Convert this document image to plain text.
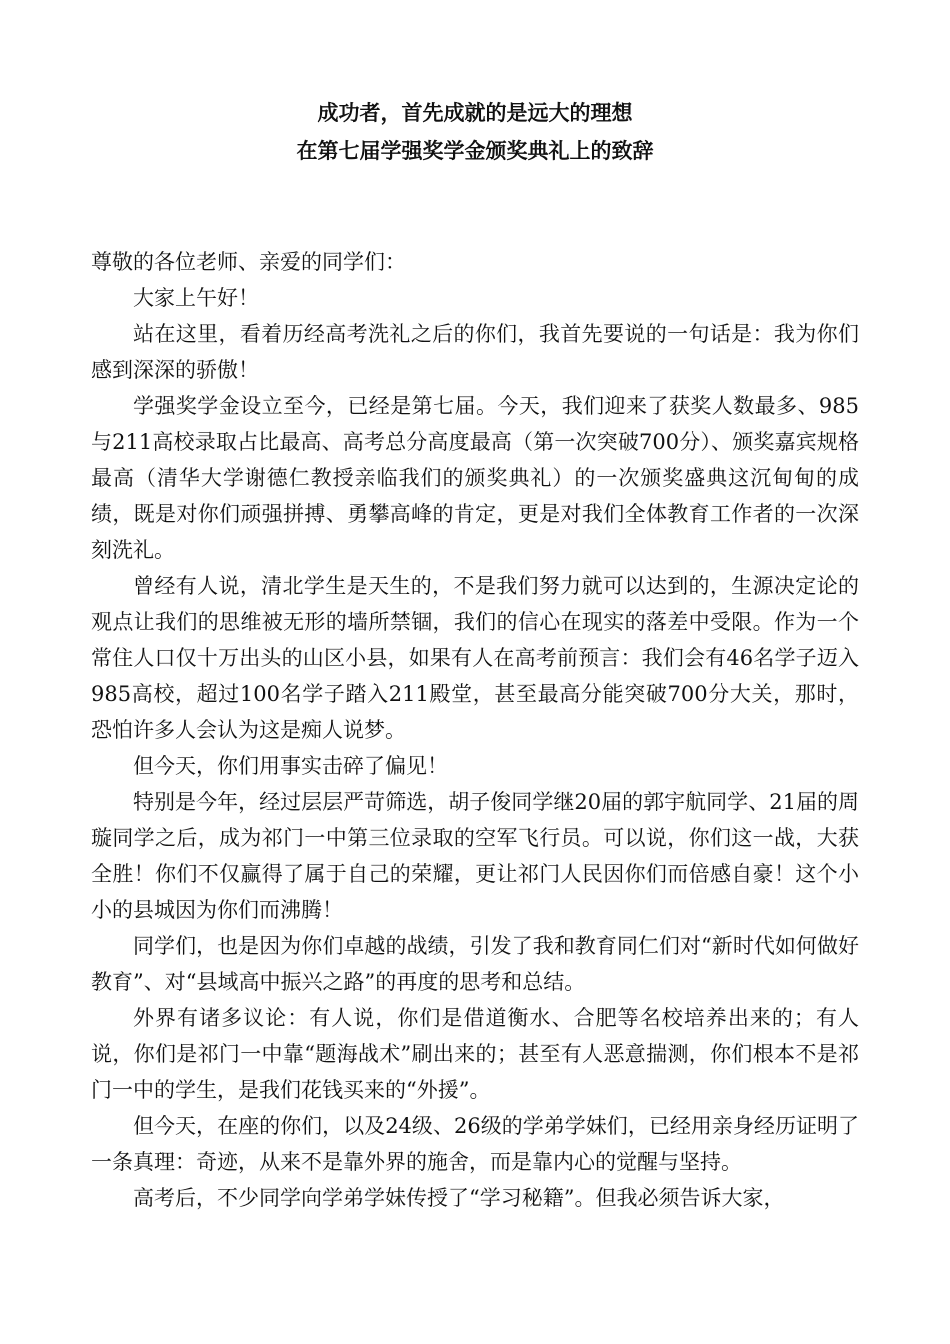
成功者，首先成就的是远大的理想
在第七届学强奖学金颁奖典礼上的致辞

尊敬的各位老师、亲爱的同学们：

大家上午好！

站在这里，看着历经高考洗礼之后的你们，我首先要说的一句话是：我为你们感到深深的骄傲！

学强奖学金设立至今，已经是第七届。今天，我们迎来了获奖人数最多、985与211高校录取占比最高、高考总分高度最高（第一次突破700分）、颁奖嘉宾规格最高（清华大学谢德仁教授亲临我们的颁奖典礼）的一次颁奖盛典这沉甸甸的成绩，既是对你们顽强拼搏、勇攀高峰的肯定，更是对我们全体教育工作者的一次深刻洗礼。

曾经有人说，清北学生是天生的，不是我们努力就可以达到的，生源决定论的观点让我们的思维被无形的墙所禁锢，我们的信心在现实的落差中受限。作为一个常住人口仅十万出头的山区小县，如果有人在高考前预言：我们会有46名学子迈入985高校，超过100名学子踏入211殿堂，甚至最高分能突破700分大关，那时，恐怕许多人会认为这是痴人说梦。

但今天，你们用事实击碎了偏见！

特别是今年，经过层层严苛筛选，胡子俊同学继20届的郭宇航同学、21届的周璇同学之后，成为祁门一中第三位录取的空军飞行员。可以说，你们这一战，大获全胜！你们不仅赢得了属于自己的荣耀，更让祁门人民因你们而倍感自豪！这个小小的县城因为你们而沸腾！

同学们，也是因为你们卓越的战绩，引发了我和教育同仁们对“新时代如何做好教育”、对“县域高中振兴之路”的再度的思考和总结。

外界有诸多议论：有人说，你们是借道衡水、合肥等名校培养出来的；有人说，你们是祁门一中靠“题海战术”刷出来的；甚至有人恶意揣测，你们根本不是祁门一中的学生，是我们花钱买来的“外援”。

但今天，在座的你们，以及24级、26级的学弟学妹们，已经用亲身经历证明了一条真理：奇迹，从来不是靠外界的施舍，而是靠内心的觉醒与坚持。

高考后，不少同学向学弟学妹传授了“学习秘籍”。但我必须告诉大家，
